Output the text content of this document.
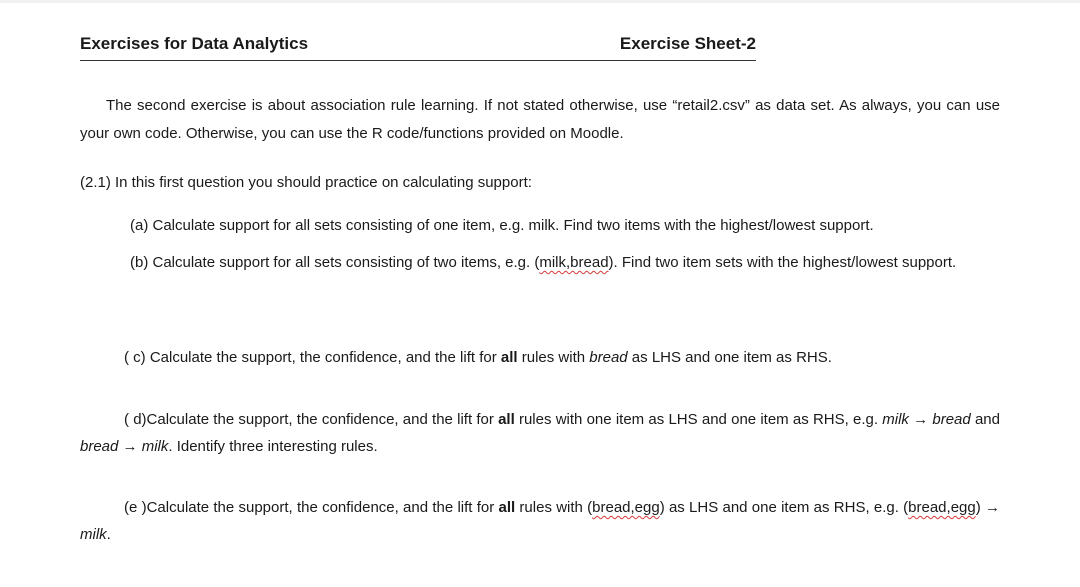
Exercises for Data Analytics	Exercise Sheet-2
The second exercise is about association rule learning. If not stated otherwise, use “retail2.csv” as data set. As always, you can use your own code. Otherwise, you can use the R code/functions provided on Moodle.
(2.1) In this first question you should practice on calculating support:
(a) Calculate support for all sets consisting of one item, e.g. milk. Find two items with the highest/lowest support.
(b) Calculate support for all sets consisting of two items, e.g. (milk,bread). Find two item sets with the highest/lowest support.
( c) Calculate the support, the confidence, and the lift for all rules with bread as LHS and one item as RHS.
( d)Calculate the support, the confidence, and the lift for all rules with one item as LHS and one item as RHS, e.g. milk → bread and bread → milk. Identify three interesting rules.
(e )Calculate the support, the confidence, and the lift for all rules with (bread,egg) as LHS and one item as RHS, e.g. (bread,egg) → milk.
